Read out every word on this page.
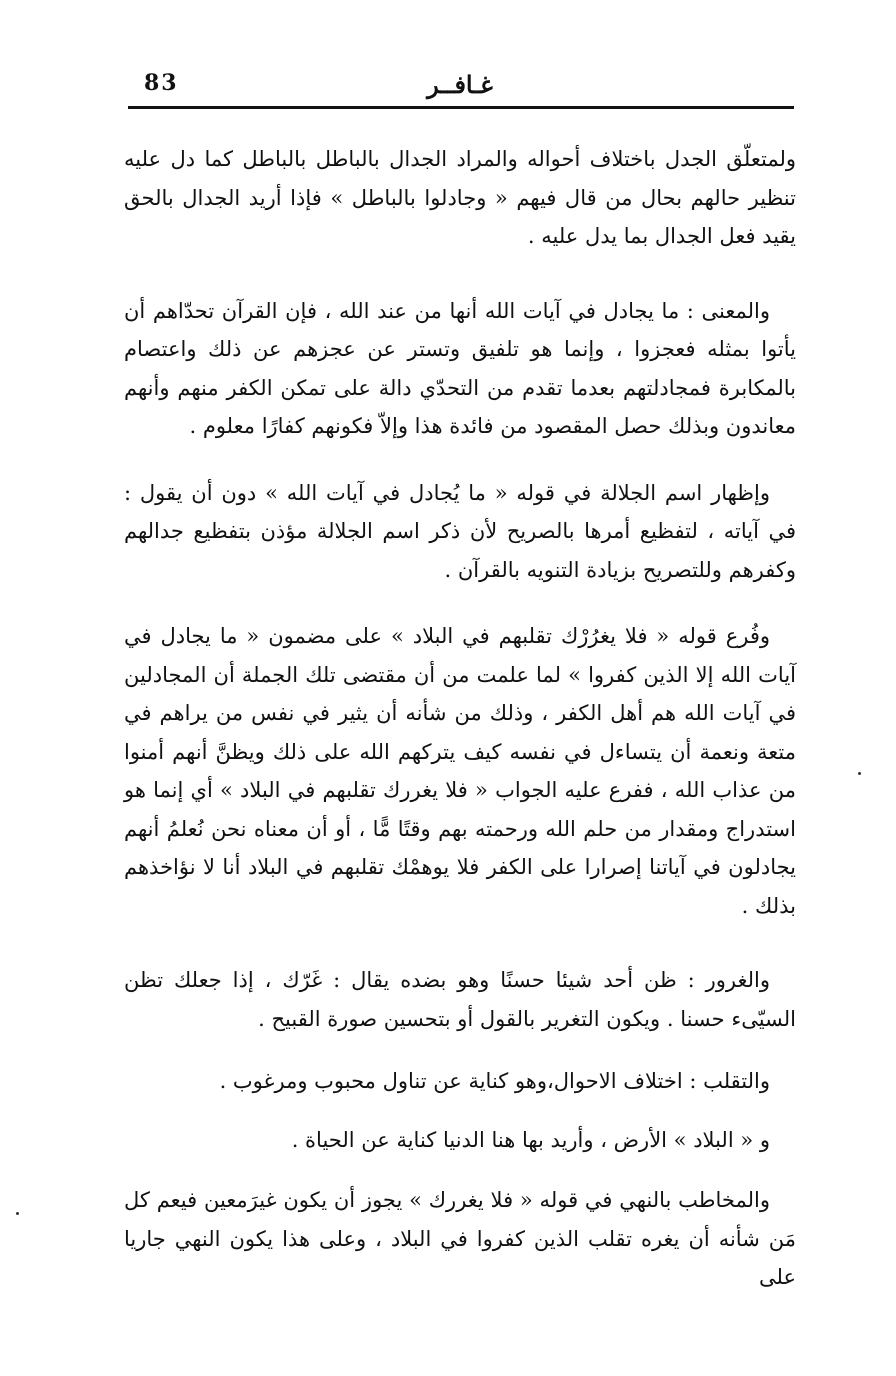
83	غـافــر

ولمتعلّق الجدل باختلاف أحواله والمراد الجدال بالباطل بالباطل كما دل عليه تنظير حالهم بحال من قال فيهم « وجادلوا بالباطل » فإذا أريد الجدال بالحق يقيد فعل الجدال بما يدل عليه .

والمعنى : ما يجادل في آيات الله أنها من عند الله ، فإن القرآن تحدّاهم أن يأتوا بمثله فعجزوا ، وإنما هو تلفيق وتستر عن عجزهم عن ذلك واعتصام بالمكابرة فمجادلتهم بعدما تقدم من التحدّي دالة على تمكن الكفر منهم وأنهم معاندون وبذلك حصل المقصود من فائدة هذا وإلاّ فكونهم كفارًا معلوم .

وإظهار اسم الجلالة في قوله « ما يُجادل في آيات الله » دون أن يقول : في آياته ، لتفظيع أمرها بالصريح لأن ذكر اسم الجلالة مؤذن بتفظيع جدالهم وكفرهم وللتصريح بزيادة التنويه بالقرآن .

وفُرع قوله « فلا يغرُرْك تقلبهم في البلاد » على مضمون « ما يجادل في آيات الله إلا الذين كفروا » لما علمت من أن مقتضى تلك الجملة أن المجادلين في آيات الله هم أهل الكفر ، وذلك من شأنه أن يثير في نفس من يراهم في متعة ونعمة أن يتساءل في نفسه كيف يتركهم الله على ذلك ويظنَّ أنهم أمنوا من عذاب الله ، ففرع عليه الجواب « فلا يغررك تقلبهم في البلاد » أي إنما هو استدراج ومقدار من حلم الله ورحمته بهم وقتًا مًّا ، أو أن معناه نحن نُعلمُ أنهم يجادلون في آياتنا إصرارا على الكفر فلا يوهمْك تقلبهم في البلاد أنا لا نؤاخذهم بذلك .

والغرور : ظن أحد شيئا حسنًا وهو بضده يقال : غَرّك ، إذا جعلك تظن السيّىء حسنا . ويكون التغرير بالقول أو بتحسين صورة القبيح .

والتقلب : اختلاف الاحوال،وهو كناية عن تناول محبوب ومرغوب .

و « البلاد » الأرض ، وأريد بها هنا الدنيا كناية عن الحياة .

والمخاطب بالنهي في قوله « فلا يغررك » يجوز أن يكون غيرَمعين فيعم كل مَن شأنه أن يغره تقلب الذين كفروا في البلاد ، وعلى هذا يكون النهي جاريا على
